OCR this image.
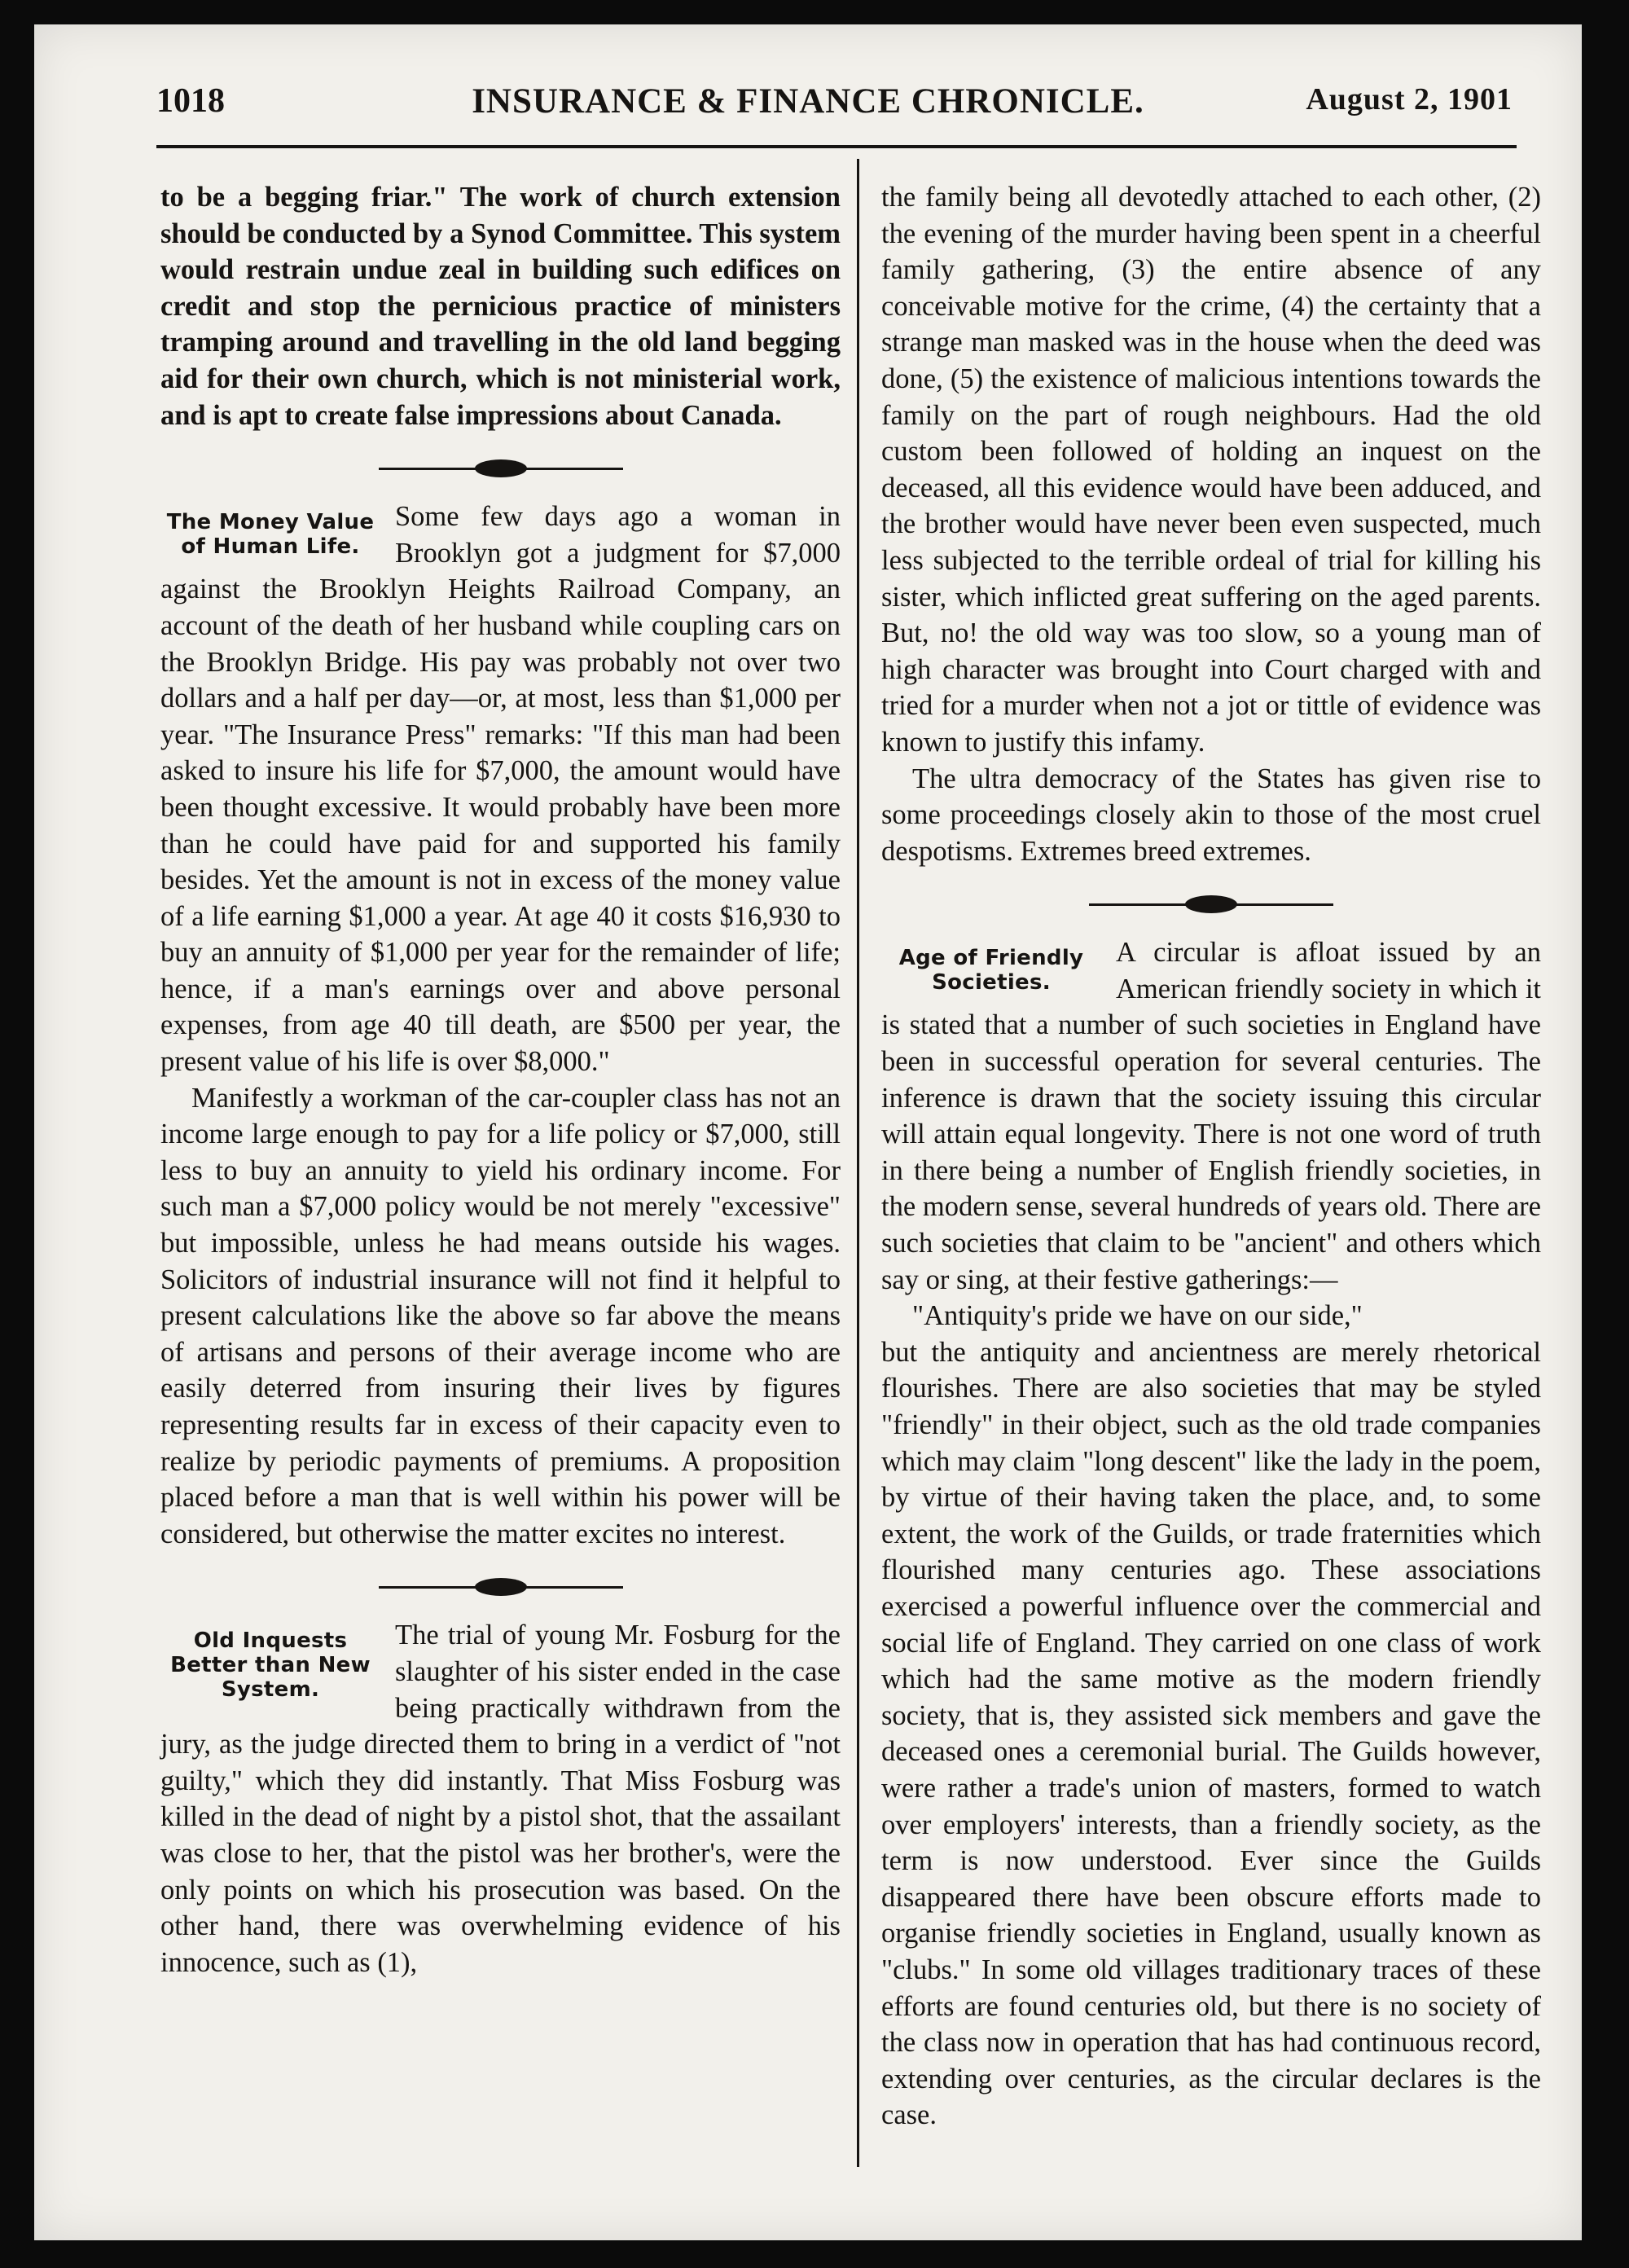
1018	INSURANCE & FINANCE CHRONICLE.	August 2, 1901

to be a begging friar." The work of church extension should be conducted by a Synod Committee. This system would restrain undue zeal in building such edifices on credit and stop the pernicious practice of ministers tramping around and travelling in the old land begging aid for their own church, which is not ministerial work, and is apt to create false impressions about Canada.

The Money Value of Human Life.

Some few days ago a woman in Brooklyn got a judgment for $7,000 against the Brooklyn Heights Railroad Company, an account of the death of her husband while coupling cars on the Brooklyn Bridge. His pay was probably not over two dollars and a half per day—or, at most, less than $1,000 per year. "The Insurance Press" remarks: "If this man had been asked to insure his life for $7,000, the amount would have been thought excessive. It would probably have been more than he could have paid for and supported his family besides. Yet the amount is not in excess of the money value of a life earning $1,000 a year. At age 40 it costs $16,930 to buy an annuity of $1,000 per year for the remainder of life; hence, if a man's earnings over and above personal expenses, from age 40 till death, are $500 per year, the present value of his life is over $8,000."

Manifestly a workman of the car-coupler class has not an income large enough to pay for a life policy or $7,000, still less to buy an annuity to yield his ordinary income. For such man a $7,000 policy would be not merely "excessive" but impossible, unless he had means outside his wages. Solicitors of industrial insurance will not find it helpful to present calculations like the above so far above the means of artisans and persons of their average income who are easily deterred from insuring their lives by figures representing results far in excess of their capacity even to realize by periodic payments of premiums. A proposition placed before a man that is well within his power will be considered, but otherwise the matter excites no interest.

Old Inquests Better than New System.

The trial of young Mr. Fosburg for the slaughter of his sister ended in the case being practically withdrawn from the jury, as the judge directed them to bring in a verdict of "not guilty," which they did instantly. That Miss Fosburg was killed in the dead of night by a pistol shot, that the assailant was close to her, that the pistol was her brother's, were the only points on which his prosecution was based. On the other hand, there was overwhelming evidence of his innocence, such as (1),

the family being all devotedly attached to each other, (2) the evening of the murder having been spent in a cheerful family gathering, (3) the entire absence of any conceivable motive for the crime, (4) the certainty that a strange man masked was in the house when the deed was done, (5) the existence of malicious intentions towards the family on the part of rough neighbours. Had the old custom been followed of holding an inquest on the deceased, all this evidence would have been adduced, and the brother would have never been even suspected, much less subjected to the terrible ordeal of trial for killing his sister, which inflicted great suffering on the aged parents. But, no! the old way was too slow, so a young man of high character was brought into Court charged with and tried for a murder when not a jot or tittle of evidence was known to justify this infamy.

The ultra democracy of the States has given rise to some proceedings closely akin to those of the most cruel despotisms. Extremes breed extremes.

Age of Friendly Societies.

A circular is afloat issued by an American friendly society in which it is stated that a number of such societies in England have been in successful operation for several centuries. The inference is drawn that the society issuing this circular will attain equal longevity. There is not one word of truth in there being a number of English friendly societies, in the modern sense, several hundreds of years old. There are such societies that claim to be "ancient" and others which say or sing, at their festive gatherings:—

"Antiquity's pride we have on our side,"

but the antiquity and ancientness are merely rhetorical flourishes. There are also societies that may be styled "friendly" in their object, such as the old trade companies which may claim "long descent" like the lady in the poem, by virtue of their having taken the place, and, to some extent, the work of the Guilds, or trade fraternities which flourished many centuries ago. These associations exercised a powerful influence over the commercial and social life of England. They carried on one class of work which had the same motive as the modern friendly society, that is, they assisted sick members and gave the deceased ones a ceremonial burial. The Guilds however, were rather a trade's union of masters, formed to watch over employers' interests, than a friendly society, as the term is now understood. Ever since the Guilds disappeared there have been obscure efforts made to organise friendly societies in England, usually known as "clubs." In some old villages traditionary traces of these efforts are found centuries old, but there is no society of the class now in operation that has had continuous record, extending over centuries, as the circular declares is the case.
